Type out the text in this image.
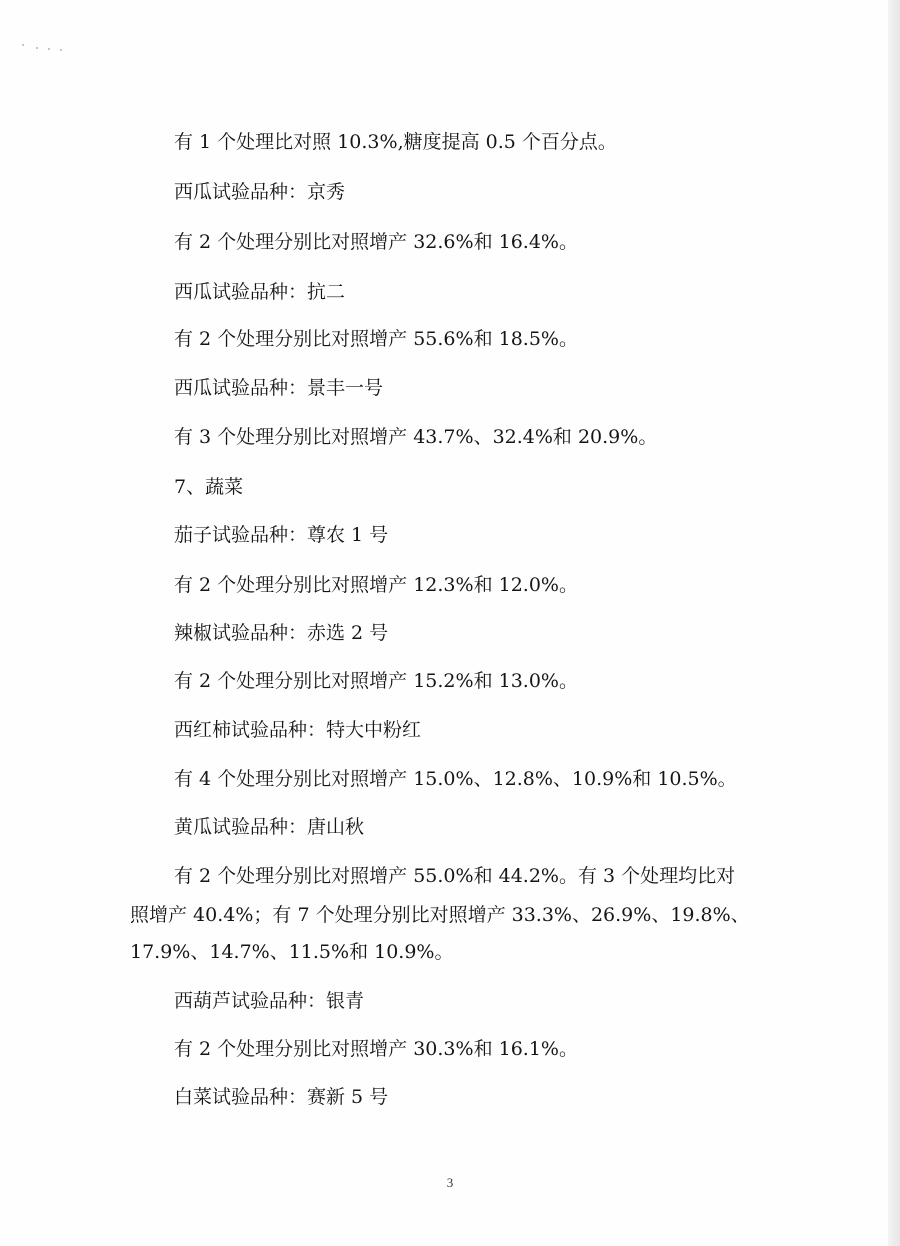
有 1 个处理比对照 10.3%,糖度提高 0.5 个百分点。

西瓜试验品种：京秀

有 2 个处理分别比对照增产 32.6%和 16.4%。

西瓜试验品种：抗二

有 2 个处理分别比对照增产 55.6%和 18.5%。

西瓜试验品种：景丰一号

有 3 个处理分别比对照增产 43.7%、32.4%和 20.9%。

7、蔬菜

茄子试验品种：尊农 1 号

有 2 个处理分别比对照增产 12.3%和 12.0%。

辣椒试验品种：赤选 2 号

有 2 个处理分别比对照增产 15.2%和 13.0%。

西红柿试验品种：特大中粉红

有 4 个处理分别比对照增产 15.0%、12.8%、10.9%和 10.5%。

黄瓜试验品种：唐山秋

有 2 个处理分别比对照增产 55.0%和 44.2%。有 3 个处理均比对

照增产 40.4%；有 7 个处理分别比对照增产 33.3%、26.9%、19.8%、

17.9%、14.7%、11.5%和 10.9%。

西葫芦试验品种：银青

有 2 个处理分别比对照增产 30.3%和 16.1%。

白菜试验品种：赛新 5 号

3
